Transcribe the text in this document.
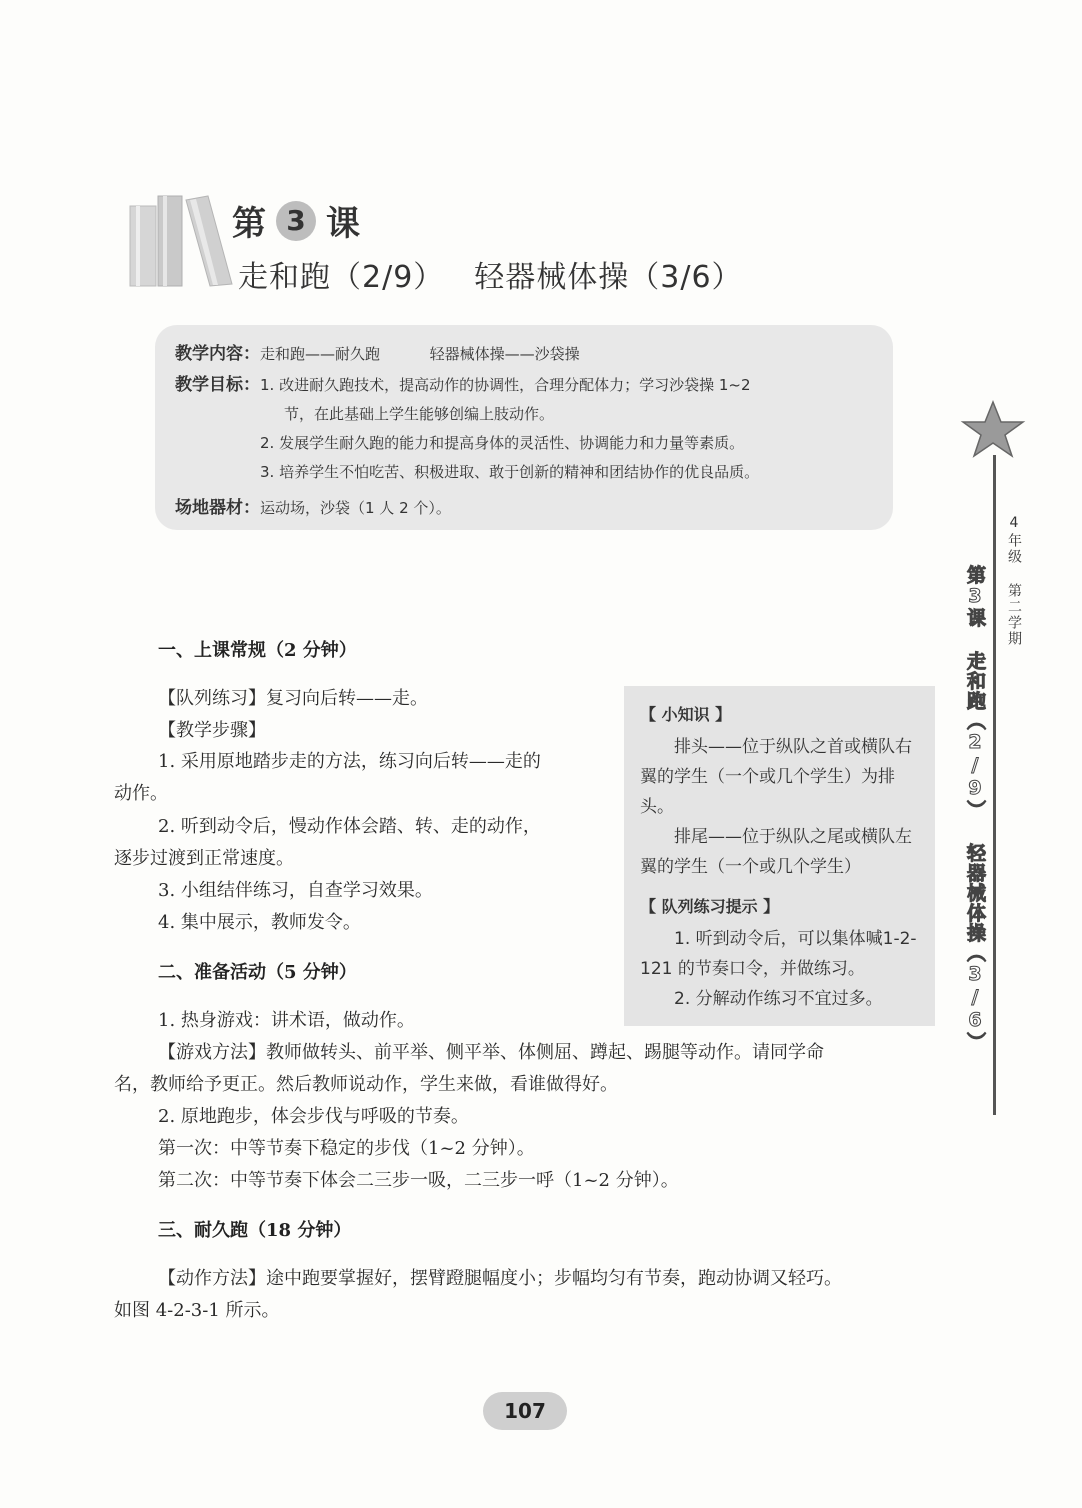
第 3 课
走和跑（2/9） 轻器械体操（3/6）
教学内容： 走和跑——耐久跑	轻器械体操——沙袋操
教学目标： 1. 改进耐久跑技术，提高动作的协调性，合理分配体力；学习沙袋操 1~2
节，在此基础上学生能够创编上肢动作。
2. 发展学生耐久跑的能力和提高身体的灵活性、协调能力和力量等素质。
3. 培养学生不怕吃苦、积极进取、敢于创新的精神和团结协作的优良品质。
场地器材： 运动场，沙袋（1 人 2 个）。
4年级 第二学期
第3课 走和跑（2/9） 轻器械体操（3/6）
一、上课常规（2 分钟）
【队列练习】复习向后转——走。
【教学步骤】
1. 采用原地踏步走的方法，练习向后转——走的
动作。
2. 听到动令后，慢动作体会踏、转、走的动作，
逐步过渡到正常速度。
3. 小组结伴练习，自查学习效果。
4. 集中展示，教师发令。
二、准备活动（5 分钟）
1. 热身游戏：讲术语，做动作。
【游戏方法】教师做转头、前平举、侧平举、体侧屈、蹲起、踢腿等动作。请同学命
名，教师给予更正。然后教师说动作，学生来做，看谁做得好。
2. 原地跑步，体会步伐与呼吸的节奏。
第一次：中等节奏下稳定的步伐（1~2 分钟）。
第二次：中等节奏下体会二三步一吸，二三步一呼（1~2 分钟）。
三、耐久跑（18 分钟）
【动作方法】途中跑要掌握好，摆臂蹬腿幅度小；步幅均匀有节奏，跑动协调又轻巧。
如图 4-2-3-1 所示。
【 小知识 】

排头——位于纵队之首或横队右翼的学生（一个或几个学生）为排头。

排尾——位于纵队之尾或横队左翼的学生（一个或几个学生）

【 队列练习提示 】

1. 听到动令后，可以集体喊1-2-121 的节奏口令，并做练习。

2. 分解动作练习不宜过多。

107
